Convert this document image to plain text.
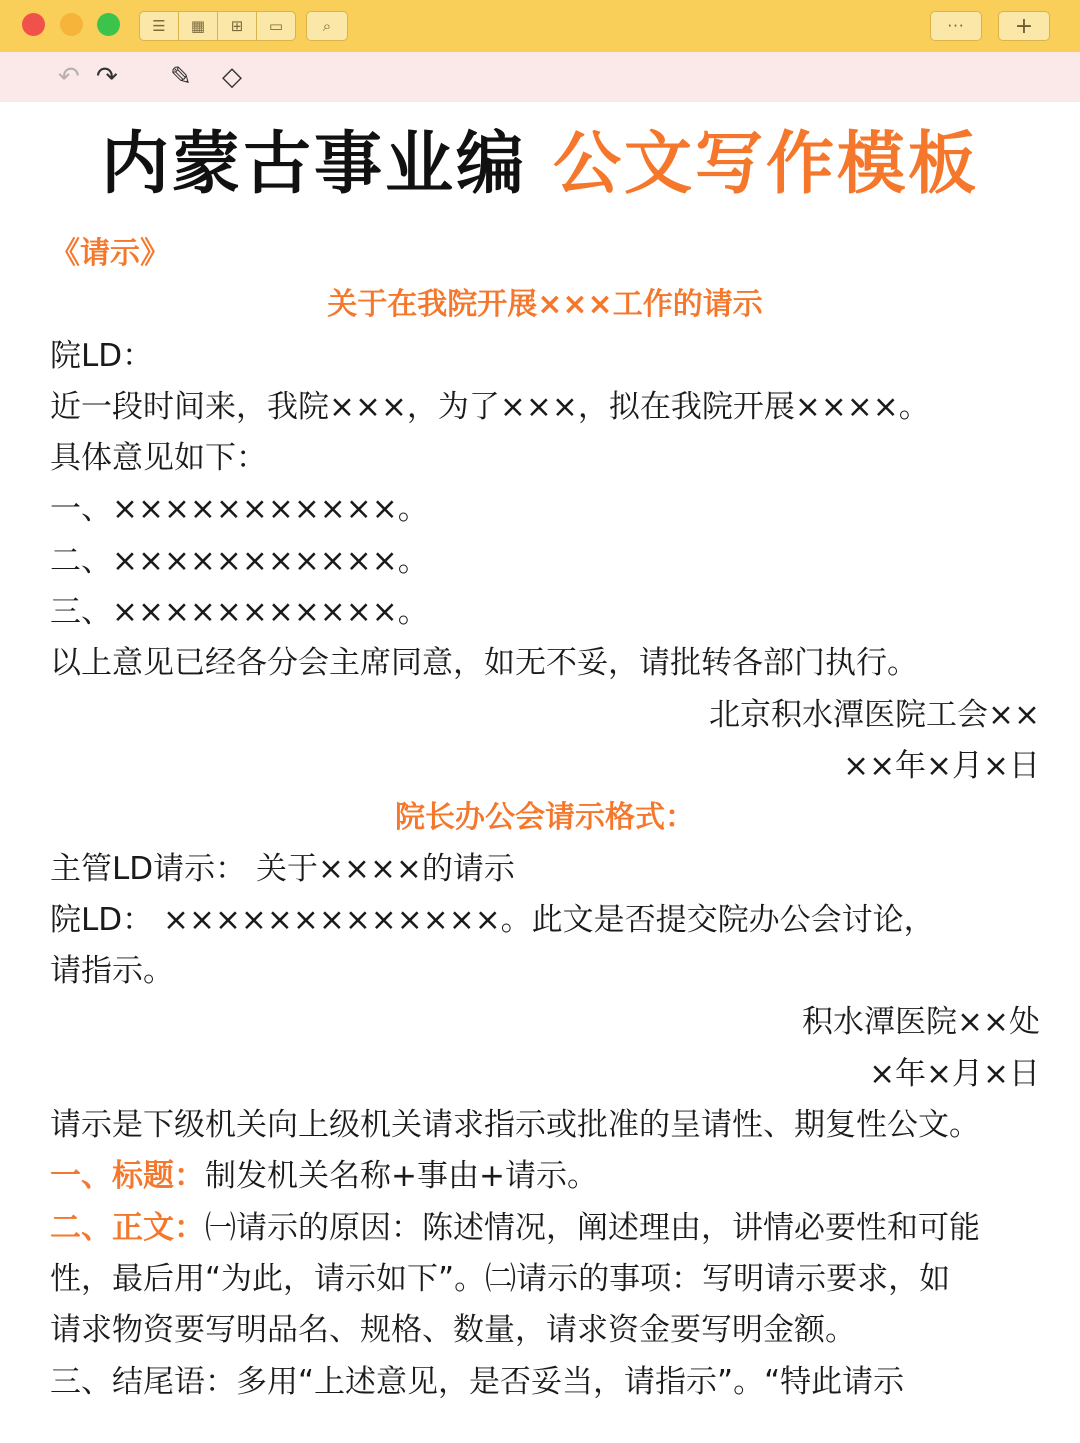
☰	▦	⊞	▭	⌕	···	+
↶ ↷ ✎ ◇
内蒙古事业编 公文写作模板
《请示》
关于在我院开展×××工作的请示
院LD：
近一段时间来，我院×××，为了×××，拟在我院开展××××。
具体意见如下：
一、×××××××××××。
二、×××××××××××。
三、×××××××××××。
以上意见已经各分会主席同意，如无不妥，请批转各部门执行。
北京积水潭医院工会××
××年×月×日
院长办公会请示格式：
主管LD请示： 关于××××的请示
院LD： ×××××××××××××。此文是否提交院办公会讨论，
请指示。
积水潭医院××处
×年×月×日
请示是下级机关向上级机关请求指示或批准的呈请性、期复性公文。
一、标题：制发机关名称+事由+请示。
二、正文：㈠请示的原因：陈述情况，阐述理由，讲情必要性和可能
性，最后用“为此，请示如下”。㈡请示的事项：写明请示要求，如
请求物资要写明品名、规格、数量，请求资金要写明金额。
三、结尾语：多用“上述意见，是否妥当，请指示”。“特此请示
